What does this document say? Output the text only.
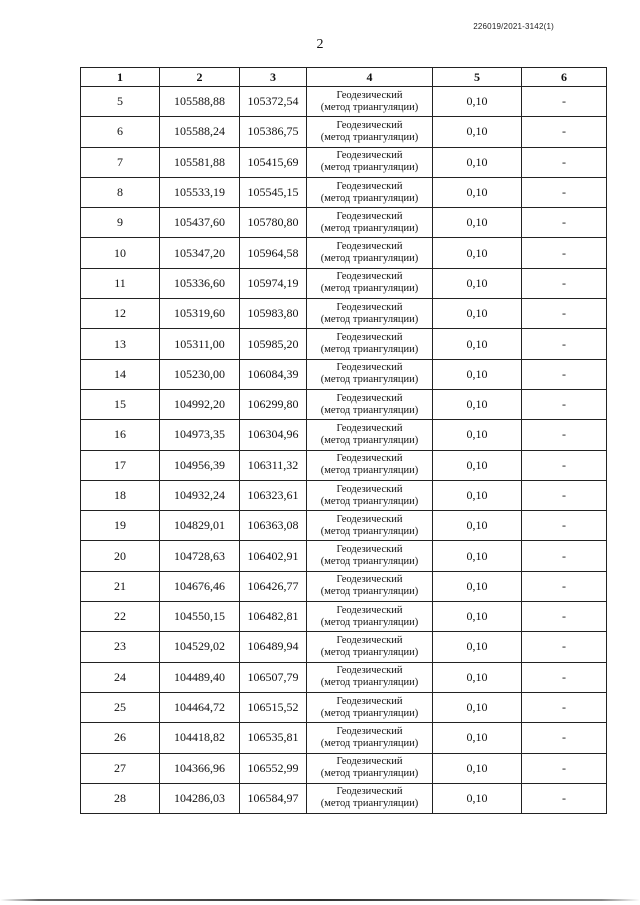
226019/2021-3142(1)
2
1	2	3	4	5	6
5	105588,88	105372,54	Геодезический
(метод триангуляции)	0,10	-
6	105588,24	105386,75	Геодезический
(метод триангуляции)	0,10	-
7	105581,88	105415,69	Геодезический
(метод триангуляции)	0,10	-
8	105533,19	105545,15	Геодезический
(метод триангуляции)	0,10	-
9	105437,60	105780,80	Геодезический
(метод триангуляции)	0,10	-
10	105347,20	105964,58	Геодезический
(метод триангуляции)	0,10	-
11	105336,60	105974,19	Геодезический
(метод триангуляции)	0,10	-
12	105319,60	105983,80	Геодезический
(метод триангуляции)	0,10	-
13	105311,00	105985,20	Геодезический
(метод триангуляции)	0,10	-
14	105230,00	106084,39	Геодезический
(метод триангуляции)	0,10	-
15	104992,20	106299,80	Геодезический
(метод триангуляции)	0,10	-
16	104973,35	106304,96	Геодезический
(метод триангуляции)	0,10	-
17	104956,39	106311,32	Геодезический
(метод триангуляции)	0,10	-
18	104932,24	106323,61	Геодезический
(метод триангуляции)	0,10	-
19	104829,01	106363,08	Геодезический
(метод триангуляции)	0,10	-
20	104728,63	106402,91	Геодезический
(метод триангуляции)	0,10	-
21	104676,46	106426,77	Геодезический
(метод триангуляции)	0,10	-
22	104550,15	106482,81	Геодезический
(метод триангуляции)	0,10	-
23	104529,02	106489,94	Геодезический
(метод триангуляции)	0,10	-
24	104489,40	106507,79	Геодезический
(метод триангуляции)	0,10	-
25	104464,72	106515,52	Геодезический
(метод триангуляции)	0,10	-
26	104418,82	106535,81	Геодезический
(метод триангуляции)	0,10	-
27	104366,96	106552,99	Геодезический
(метод триангуляции)	0,10	-
28	104286,03	106584,97	Геодезический
(метод триангуляции)	0,10	-
